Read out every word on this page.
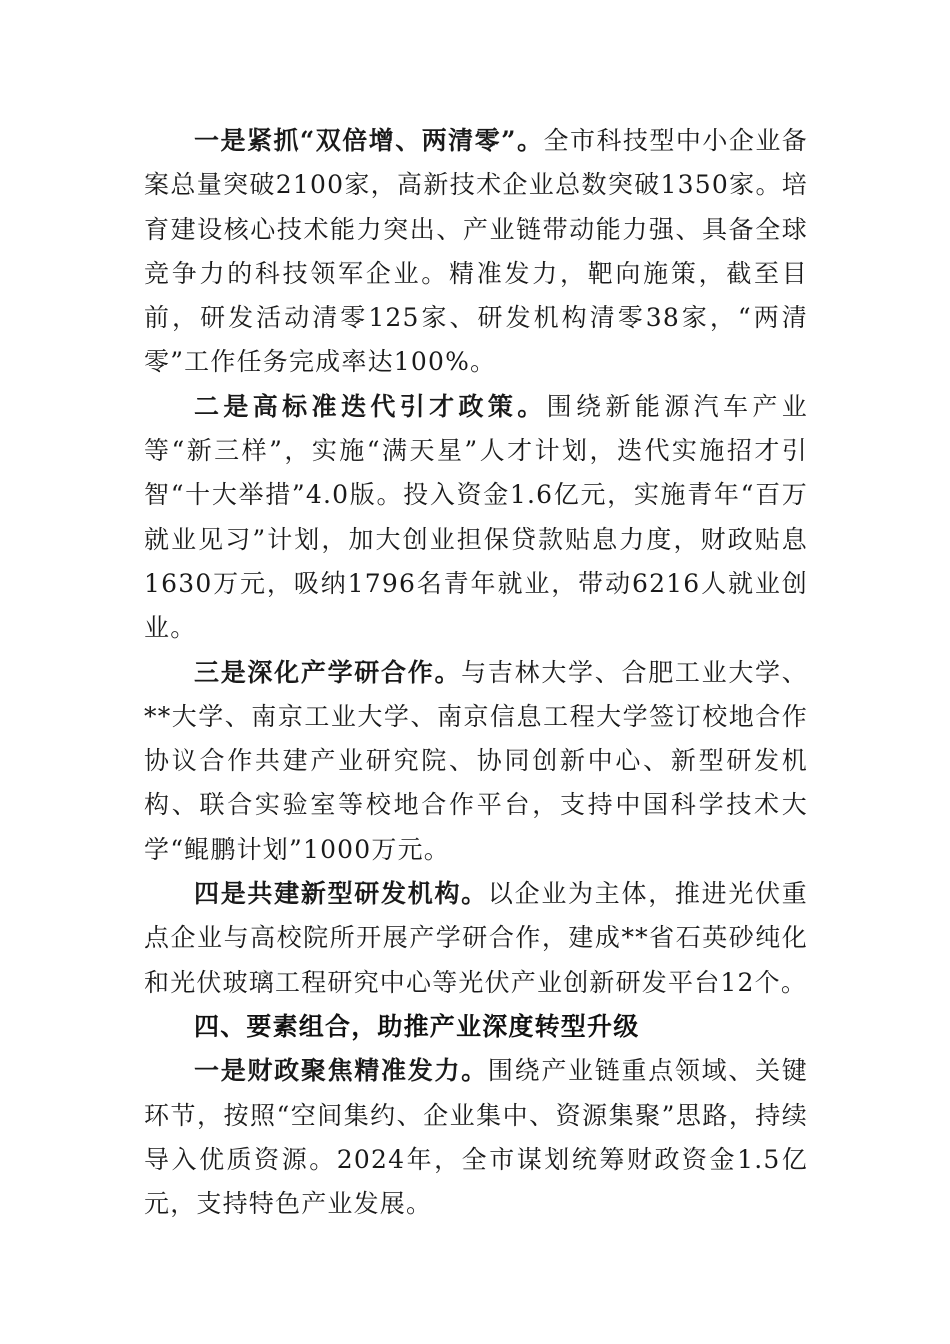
一是紧抓“双倍增、两清零”。全市科技型中小企业备案总量突破2100家，高新技术企业总数突破1350家。培育建设核心技术能力突出、产业链带动能力强、具备全球竞争力的科技领军企业。精准发力，靶向施策，截至目前，研发活动清零125家、研发机构清零38家，“两清零”工作任务完成率达100%。

二是高标准迭代引才政策。围绕新能源汽车产业等“新三样”，实施“满天星”人才计划，迭代实施招才引智“十大举措”4.0版。投入资金1.6亿元，实施青年“百万就业见习”计划，加大创业担保贷款贴息力度，财政贴息1630万元，吸纳1796名青年就业，带动6216人就业创业。

三是深化产学研合作。与吉林大学、合肥工业大学、**大学、南京工业大学、南京信息工程大学签订校地合作协议合作共建产业研究院、协同创新中心、新型研发机构、联合实验室等校地合作平台，支持中国科学技术大学“鲲鹏计划”1000万元。

四是共建新型研发机构。以企业为主体，推进光伏重点企业与高校院所开展产学研合作，建成**省石英砂纯化和光伏玻璃工程研究中心等光伏产业创新研发平台12个。

四、要素组合，助推产业深度转型升级

一是财政聚焦精准发力。围绕产业链重点领域、关键环节，按照“空间集约、企业集中、资源集聚”思路，持续导入优质资源。2024年，全市谋划统筹财政资金1.5亿元，支持特色产业发展。
